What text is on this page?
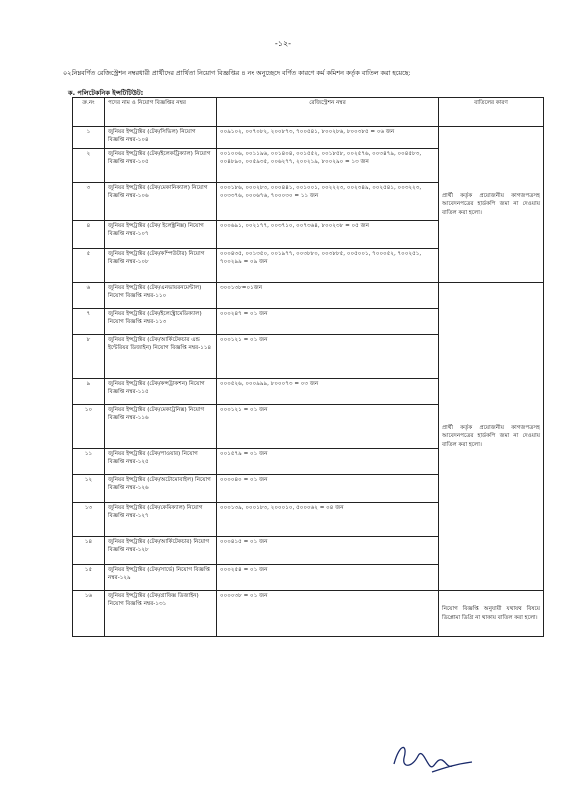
-১২-
০২.
নিম্নবর্ণিত রেজিস্ট্রেশন নম্বরধারী প্রার্থীদের প্রার্থিতা নিয়োগ বিজ্ঞপ্তির ৪ নং অনুচ্ছেদে বর্ণিত কারণে কর্ম কমিশন কর্তৃক বাতিল করা হয়েছে:
ক. পলিটেকনিক ইন্সটিটিউট:
ক্র.নং	পদের নাম ও নিয়োগ বিজ্ঞপ্তির নম্বর	রেজিস্ট্রেশন নম্বর	বাতিলের কারণ
১	জুনিয়র ইন্সট্রাক্টর (টেক/সিভিল) নিয়োগ বিজ্ঞপ্তি নম্বর-১০৪	০০৯১০২, ০০৭০৮২, ২০০৮৭৩, ৭০০৫৪১, ৮০০২৮৬, ৮০০৩৮৫ = ০৬ জন	প্রার্থী কর্তৃক প্রয়োজনীয় কাগজপত্রসহ আবেদনপত্রের হার্ডকপি জমা না দেওয়ায় বাতিল করা হলো।
২	জুনিয়র ইন্সট্রাক্টর (টেক/ইলেকট্রিক্যাল) নিয়োগ বিজ্ঞপ্তি নম্বর-১০৫	০০১০০৬, ০০১১৯৬, ০০১৪০৪, ০০১৫৫২, ০০১৮৫৮, ০০২৫৭৬, ০০৩৪৭৯, ০০৪৫৮৩, ০০৪৮৯০, ০০৫৯৩৫, ০০৬২৭৭, ২০০২১৯, ৮০০২৯০ = ১৩ জন	
৩	জুনিয়র ইন্সট্রাক্টর (টেক/মেকানিক্যাল) নিয়োগ বিজ্ঞপ্তি নম্বর-১০৬	০০০১৮৬, ০০০২৮৩, ০০০৪৪১, ০০১০০১, ০০২২২৩, ০০২৩৪৯, ০০২৫৪১, ০০৩২২৩, ০০৩৩৭৬, ০০০৬৭৬, ৭০০০৩০ = ১১ জন	
৪	জুনিয়র ইন্সট্রাক্টর (টেক/ ইলেক্ট্রনিক্স) নিয়োগ বিজ্ঞপ্তি নম্বর-১০৭	০০০৬৯১, ০০২১৭৭, ০০৩৭১০, ০০৭৩৬৪, ৮০০২৩৮ = ০৫ জন	
৫	জুনিয়র ইন্সট্রাক্টর (টেক/কম্পিউটার) নিয়োগ বিজ্ঞপ্তি নম্বর-১০৮	০০০৪৩৫, ০০১৩৫০, ০০১৯৭৭, ০০৩৮৮০, ০০৩৮৮৫, ০০৫০০১, ৭০০০৫২, ৭০০২৫১, ৭০০২৯৯ = ০৯ জন	
৬	জুনিয়র ইন্সট্রাক্টর (টেক/এনভায়রনমেন্টাল) নিয়োগ বিজ্ঞপ্তি নম্বর-১১০	৩০০১৩৮=০১জন	প্রার্থী কর্তৃক প্রয়োজনীয় কাগজপত্রসহ আবেদনপত্রের হার্ডকপি জমা না দেওয়ায় বাতিল করা হলো।
৭	জুনিয়র ইন্সট্রাক্টর (টেক/ইলেক্ট্রোমেডিক্যাল) নিয়োগ বিজ্ঞপ্তি নম্বর-১১৩	০০০২৪৭ = ০১ জন	
৮	জুনিয়র ইন্সট্রাক্টর (টেক/আর্কিটেকচার এন্ড ইন্টেরিয়র ডিজাইন) নিয়োগ বিজ্ঞপ্তি নম্বর-১১৪	০০০১২১ = ০১ জন	
৯	জুনিয়র ইন্সট্রাক্টর (টেক/কন্সট্রাকশন) নিয়োগ বিজ্ঞপ্তি নম্বর-১১৫	০০০৫২৬, ০০০৯৯৯, ৮০০০৭৩ = ০৩ জন	
১০	জুনিয়র ইন্সট্রাক্টর (টেক/মেকাট্রনিক্স) নিয়োগ বিজ্ঞপ্তি নম্বর-১১৬	০০০১২১ = ০১ জন	
১১	জুনিয়র ইন্সট্রাক্টর (টেক/পাওয়ার) নিয়োগ বিজ্ঞপ্তি নম্বর-১২৫	০০১৫৭৯ = ০১ জন	
১২	জুনিয়র ইন্সট্রাক্টর (টেক/অটোমোবাইল) নিয়োগ বিজ্ঞপ্তি নম্বর-১২৬	০০০০৪০ = ০১ জন	
১৩	জুনিয়র ইন্সট্রাক্টর (টেক/কেমিক্যাল) নিয়োগ বিজ্ঞপ্তি নম্বর-১২৭	০০০১৩৯, ০০০১৮৩, ২০০০১০, ৫০০০৬২ = ০৪ জন	
১৪	জুনিয়র ইন্সট্রাক্টর (টেক/আর্কিটেকচার) নিয়োগ বিজ্ঞপ্তি নম্বর-১২৮	০০০৪১৫ = ০১ জন	
১৫	জুনিয়র ইন্সট্রাক্টর (টেক/সার্ভে) নিয়োগ বিজ্ঞপ্তি নম্বর-১২৯	০০০২৫৪ = ০১ জন	
১৬	জুনিয়র ইন্সট্রাক্টর (টেক/গ্রাফিক্স ডিজাইন) নিয়োগ বিজ্ঞপ্তি নম্বর-১৩১	০০০০৩৮ = ০১ জন	নিয়োগ বিজ্ঞপ্তি অনুযায়ী যথাযথ বিষয়ে ডিপ্লোমা ডিগ্রি না থাকায় বাতিল করা হলো।
